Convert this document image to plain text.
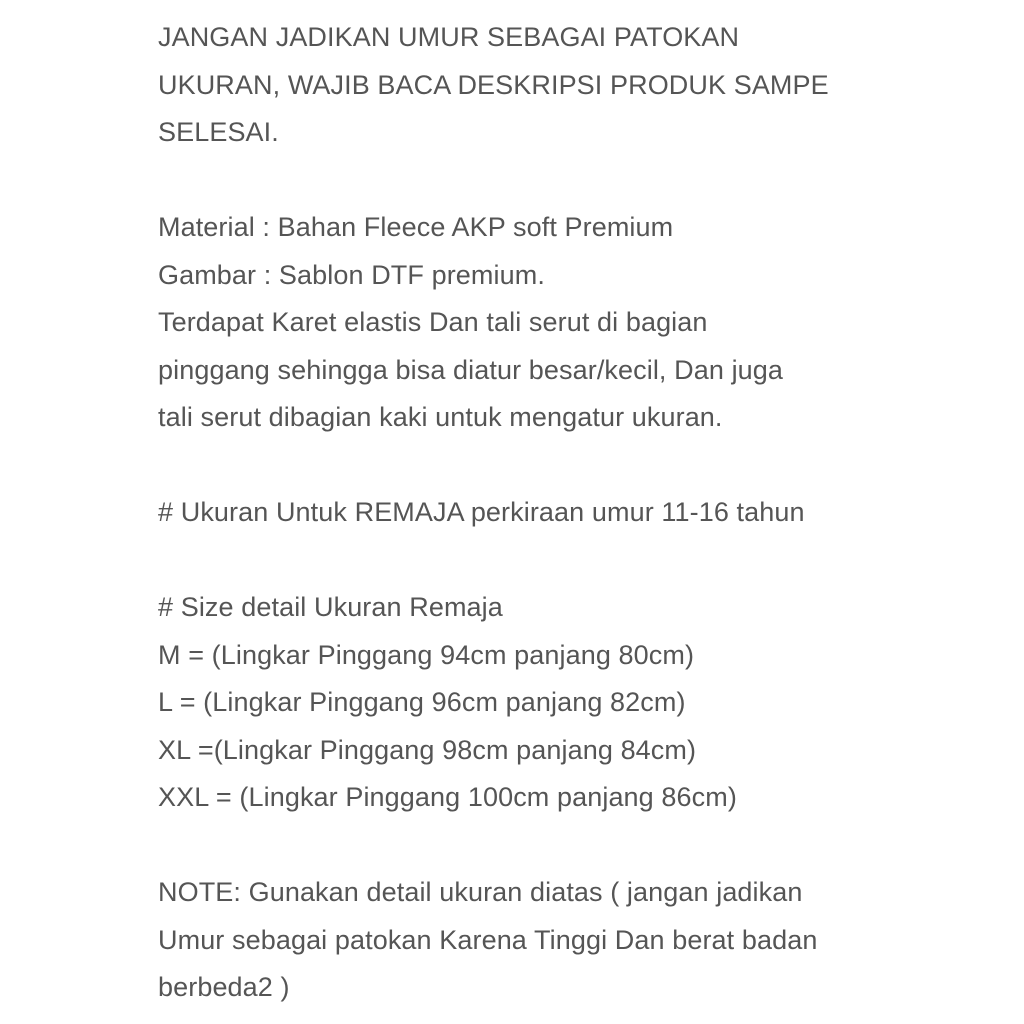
JANGAN JADIKAN UMUR SEBAGAI PATOKAN
UKURAN, WAJIB BACA DESKRIPSI PRODUK SAMPE
SELESAI.
Material : Bahan Fleece AKP soft Premium
Gambar : Sablon DTF premium.
Terdapat Karet elastis Dan tali serut di bagian
pinggang sehingga bisa diatur besar/kecil, Dan juga
tali serut dibagian kaki untuk mengatur ukuran.
# Ukuran Untuk REMAJA perkiraan umur 11-16 tahun
# Size detail Ukuran Remaja
M = (Lingkar Pinggang 94cm panjang 80cm)
L = (Lingkar Pinggang 96cm panjang 82cm)
XL =(Lingkar Pinggang 98cm panjang 84cm)
XXL = (Lingkar Pinggang 100cm panjang 86cm)
NOTE: Gunakan detail ukuran diatas ( jangan jadikan
Umur sebagai patokan Karena Tinggi Dan berat badan
berbeda2 )
